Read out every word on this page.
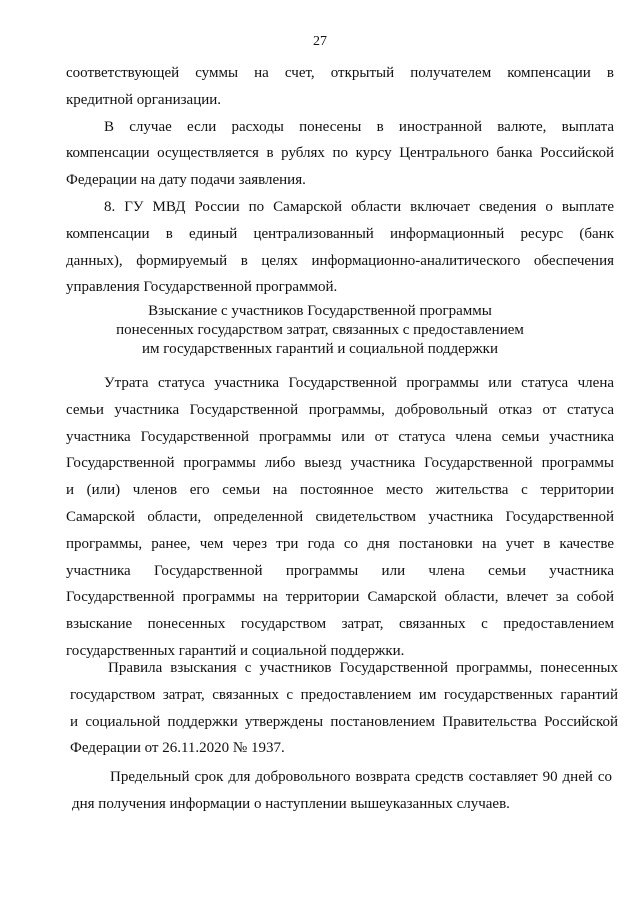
27
соответствующей суммы на счет, открытый получателем компенсации в
кредитной организации.
В случае если расходы понесены в иностранной валюте, выплата
компенсации осуществляется в рублях по курсу Центрального банка Российской
Федерации на дату подачи заявления.
8. ГУ МВД России по Самарской области включает сведения о выплате
компенсации в единый централизованный информационный ресурс (банк
данных), формируемый в целях информационно-аналитического обеспечения
управления Государственной программой.
Взыскание с участников Государственной программы
понесенных государством затрат, связанных с предоставлением
им государственных гарантий и социальной поддержки
Утрата статуса участника Государственной программы или статуса члена
семьи участника Государственной программы, добровольный отказ от статуса
участника Государственной программы или от статуса члена семьи участника
Государственной программы либо выезд участника Государственной программы
и (или) членов его семьи на постоянное место жительства с территории
Самарской области, определенной свидетельством участника Государственной
программы, ранее, чем через три года со дня постановки на учет в качестве
участника Государственной программы или члена семьи участника
Государственной программы на территории Самарской области, влечет за собой
взыскание понесенных государством затрат, связанных с предоставлением
государственных гарантий и социальной поддержки.
Правила взыскания с участников Государственной программы, понесенных
государством затрат, связанных с предоставлением им государственных гарантий
и социальной поддержки утверждены постановлением Правительства Российской
Федерации от 26.11.2020 № 1937.
Предельный срок для добровольного возврата средств составляет 90 дней со
дня получения информации о наступлении вышеуказанных случаев.
